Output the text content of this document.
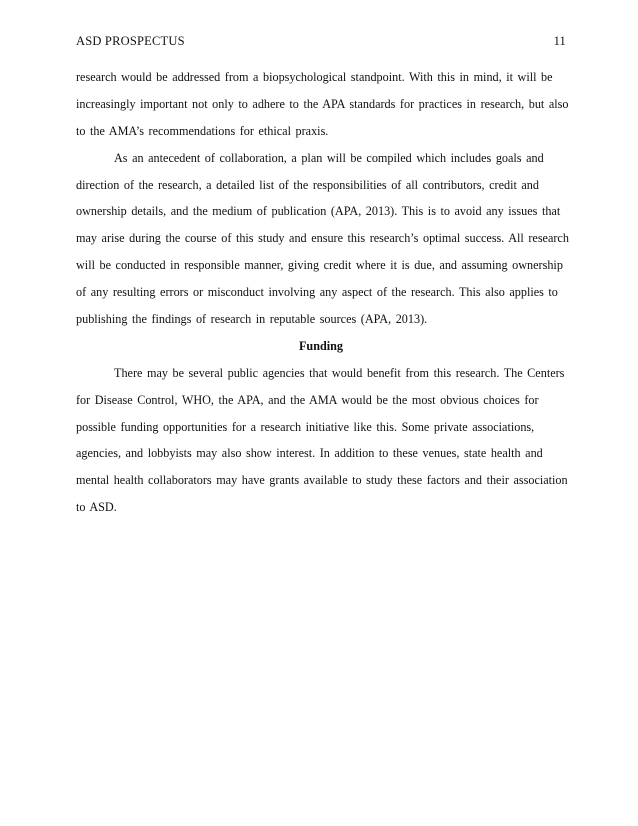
ASD PROSPECTUS	11
research would be addressed from a biopsychological standpoint. With this in mind, it will be
increasingly important not only to adhere to the APA standards for practices in research, but also
to the AMA’s recommendations for ethical praxis.
As an antecedent of collaboration, a plan will be compiled which includes goals and
direction of the research, a detailed list of the responsibilities of all contributors, credit and
ownership details, and the medium of publication (APA, 2013). This is to avoid any issues that
may arise during the course of this study and ensure this research’s optimal success. All research
will be conducted in responsible manner, giving credit where it is due, and assuming ownership
of any resulting errors or misconduct involving any aspect of the research. This also applies to
publishing the findings of research in reputable sources (APA, 2013).
Funding
There may be several public agencies that would benefit from this research. The Centers
for Disease Control, WHO, the APA, and the AMA would be the most obvious choices for
possible funding opportunities for a research initiative like this. Some private associations,
agencies, and lobbyists may also show interest. In addition to these venues, state health and
mental health collaborators may have grants available to study these factors and their association
to ASD.
